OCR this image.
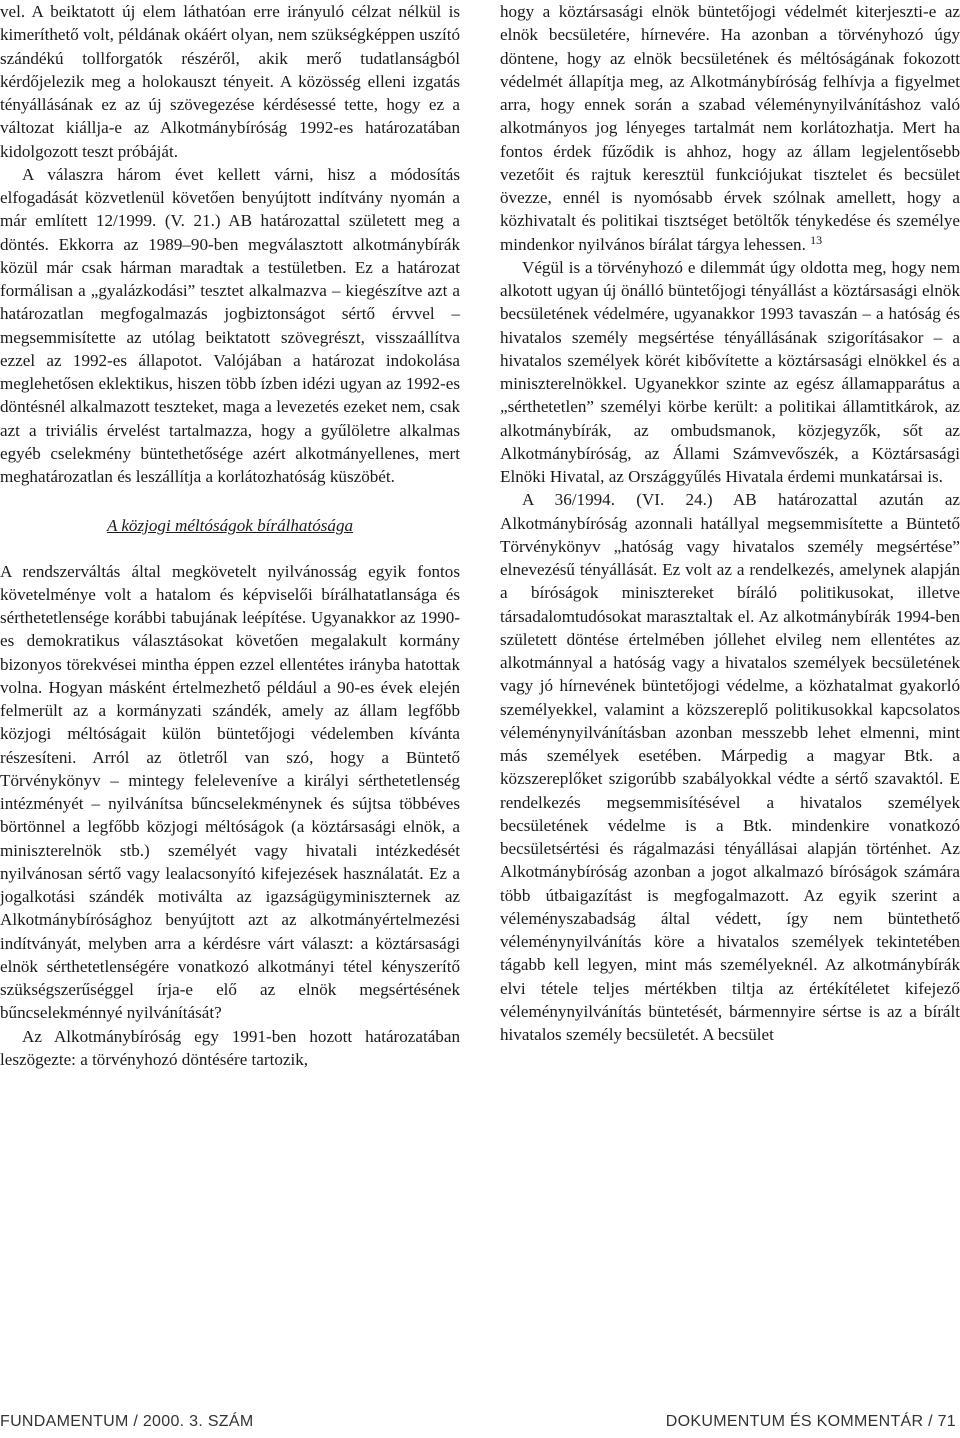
vel. A beiktatott új elem láthatóan erre irányuló célzat nélkül is kimeríthető volt, példának okáért olyan, nem szükségképpen uszító szándékú tollforgatók részéről, akik merő tudatlanságból kérdőjelezik meg a holokauszt tényeit. A közösség elleni izgatás tényállásának ez az új szövegezése kérdésessé tette, hogy ez a változat kiállja-e az Alkotmánybíróság 1992-es határozatában kidolgozott teszt próbáját.

A válaszra három évet kellett várni, hisz a módosítás elfogadását közvetlenül követően benyújtott indítvány nyomán a már említett 12/1999. (V. 21.) AB határozattal született meg a döntés. Ekkorra az 1989–90-ben megválasztott alkotmánybírák közül már csak hárman maradtak a testületben. Ez a határozat formálisan a „gyalázkodási” tesztet alkalmazva – kiegészítve azt a határozatlan megfogalmazás jogbiztonságot sértő érvvel – megsemmisítette az utólag beiktatott szövegrészt, visszaállítva ezzel az 1992-es állapotot. Valójában a határozat indokolása meglehetősen eklektikus, hiszen több ízben idézi ugyan az 1992-es döntésnél alkalmazott teszteket, maga a levezetés ezeket nem, csak azt a triviális érvelést tartalmazza, hogy a gyűlöletre alkalmas egyéb cselekmény büntethetősége azért alkotmányellenes, mert meghatározatlan és leszállítja a korlátozhatóság küszöbét.

A közjogi méltóságok bírálhatósága

A rendszerváltás által megkövetelt nyilvánosság egyik fontos követelménye volt a hatalom és képviselői bírálhatatlansága és sérthetetlensége korábbi tabujának leépítése. Ugyanakkor az 1990-es demokratikus választásokat követően megalakult kormány bizonyos törekvései mintha éppen ezzel ellentétes irányba hatottak volna. Hogyan másként értelmezhető például a 90-es évek elején felmerült az a kormányzati szándék, amely az állam legfőbb közjogi méltóságait külön büntetőjogi védelemben kívánta részesíteni. Arról az ötletről van szó, hogy a Büntető Törvénykönyv – mintegy feleleveníve a királyi sérthetetlenség intézményét – nyilvánítsa bűncselekménynek és sújtsa többéves börtönnel a legfőbb közjogi méltóságok (a köztársasági elnök, a miniszterelnök stb.) személyét vagy hivatali intézkedését nyilvánosan sértő vagy lealacsonyító kifejezések használatát. Ez a jogalkotási szándék motiválta az igazságügyminiszternek az Alkotmánybírósághoz benyújtott azt az alkotmányértelmezési indítványát, melyben arra a kérdésre várt választ: a köztársasági elnök sérthetetlenségére vonatkozó alkotmányi tétel kényszerítő szükségszerűséggel írja-e elő az elnök megsértésének bűncselekménnyé nyilvánítását?

Az Alkotmánybíróság egy 1991-ben hozott határozatában leszögezte: a törvényhozó döntésére tartozik,

hogy a köztársasági elnök büntetőjogi védelmét kiterjeszti-e az elnök becsületére, hírnevére. Ha azonban a törvényhozó úgy döntene, hogy az elnök becsületének és méltóságának fokozott védelmét állapítja meg, az Alkotmánybíróság felhívja a figyelmet arra, hogy ennek során a szabad véleménynyilvánításhoz való alkotmányos jog lényeges tartalmát nem korlátozhatja. Mert ha fontos érdek fűződik is ahhoz, hogy az állam legjelentősebb vezetőit és rajtuk keresztül funkciójukat tisztelet és becsület övezze, ennél is nyomósabb érvek szólnak amellett, hogy a közhivatalt és politikai tisztséget betöltők ténykedése és személye mindenkor nyilvános bírálat tárgya lehessen. $^{13}$

Végül is a törvényhozó e dilemmát úgy oldotta meg, hogy nem alkotott ugyan új önálló büntetőjogi tényállást a köztársasági elnök becsületének védelmére, ugyanakkor 1993 tavaszán – a hatóság és hivatalos személy megsértése tényállásának szigorításakor – a hivatalos személyek körét kibővítette a köztársasági elnökkel és a miniszterelnökkel. Ugyanekkor szinte az egész államapparátus a „sérthetetlen” személyi körbe került: a politikai államtitkárok, az alkotmánybírák, az ombudsmanok, közjegyzők, sőt az Alkotmánybíróság, az Állami Számvevőszék, a Köztársasági Elnöki Hivatal, az Országgyűlés Hivatala érdemi munkatársai is.

A 36/1994. (VI. 24.) AB határozattal azután az Alkotmánybíróság azonnali hatállyal megsemmisítette a Büntető Törvénykönyv „hatóság vagy hivatalos személy megsértése” elnevezésű tényállását. Ez volt az a rendelkezés, amelynek alapján a bíróságok minisztereket bíráló politikusokat, illetve társadalomtudósokat marasztaltak el. Az alkotmánybírák 1994-ben született döntése értelmében jóllehet elvileg nem ellentétes az alkotmánnyal a hatóság vagy a hivatalos személyek becsületének vagy jó hírnevének büntetőjogi védelme, a közhatalmat gyakorló személyekkel, valamint a közszereplő politikusokkal kapcsolatos véleménynyilvánításban azonban messzebb lehet elmenni, mint más személyek esetében. Márpedig a magyar Btk. a közszereplőket szigorúbb szabályokkal védte a sértő szavaktól. E rendelkezés megsemmisítésével a hivatalos személyek becsületének védelme is a Btk. mindenkire vonatkozó becsületsértési és rágalmazási tényállásai alapján történhet. Az Alkotmánybíróság azonban a jogot alkalmazó bíróságok számára több útbaigazítást is megfogalmazott. Az egyik szerint a véleményszabadság által védett, így nem büntethető véleménynyilvánítás köre a hivatalos személyek tekintetében tágabb kell legyen, mint más személyeknél. Az alkotmánybírák elvi tétele teljes mértékben tiltja az értékítéletet kifejező véleménynyilvánítás büntetését, bármennyire sértse is az a bírált hivatalos személy becsületét. A becsület

FUNDAMENTUM / 2000. 3. SZÁM	DOKUMENTUM ÉS KOMMENTÁR / 71
